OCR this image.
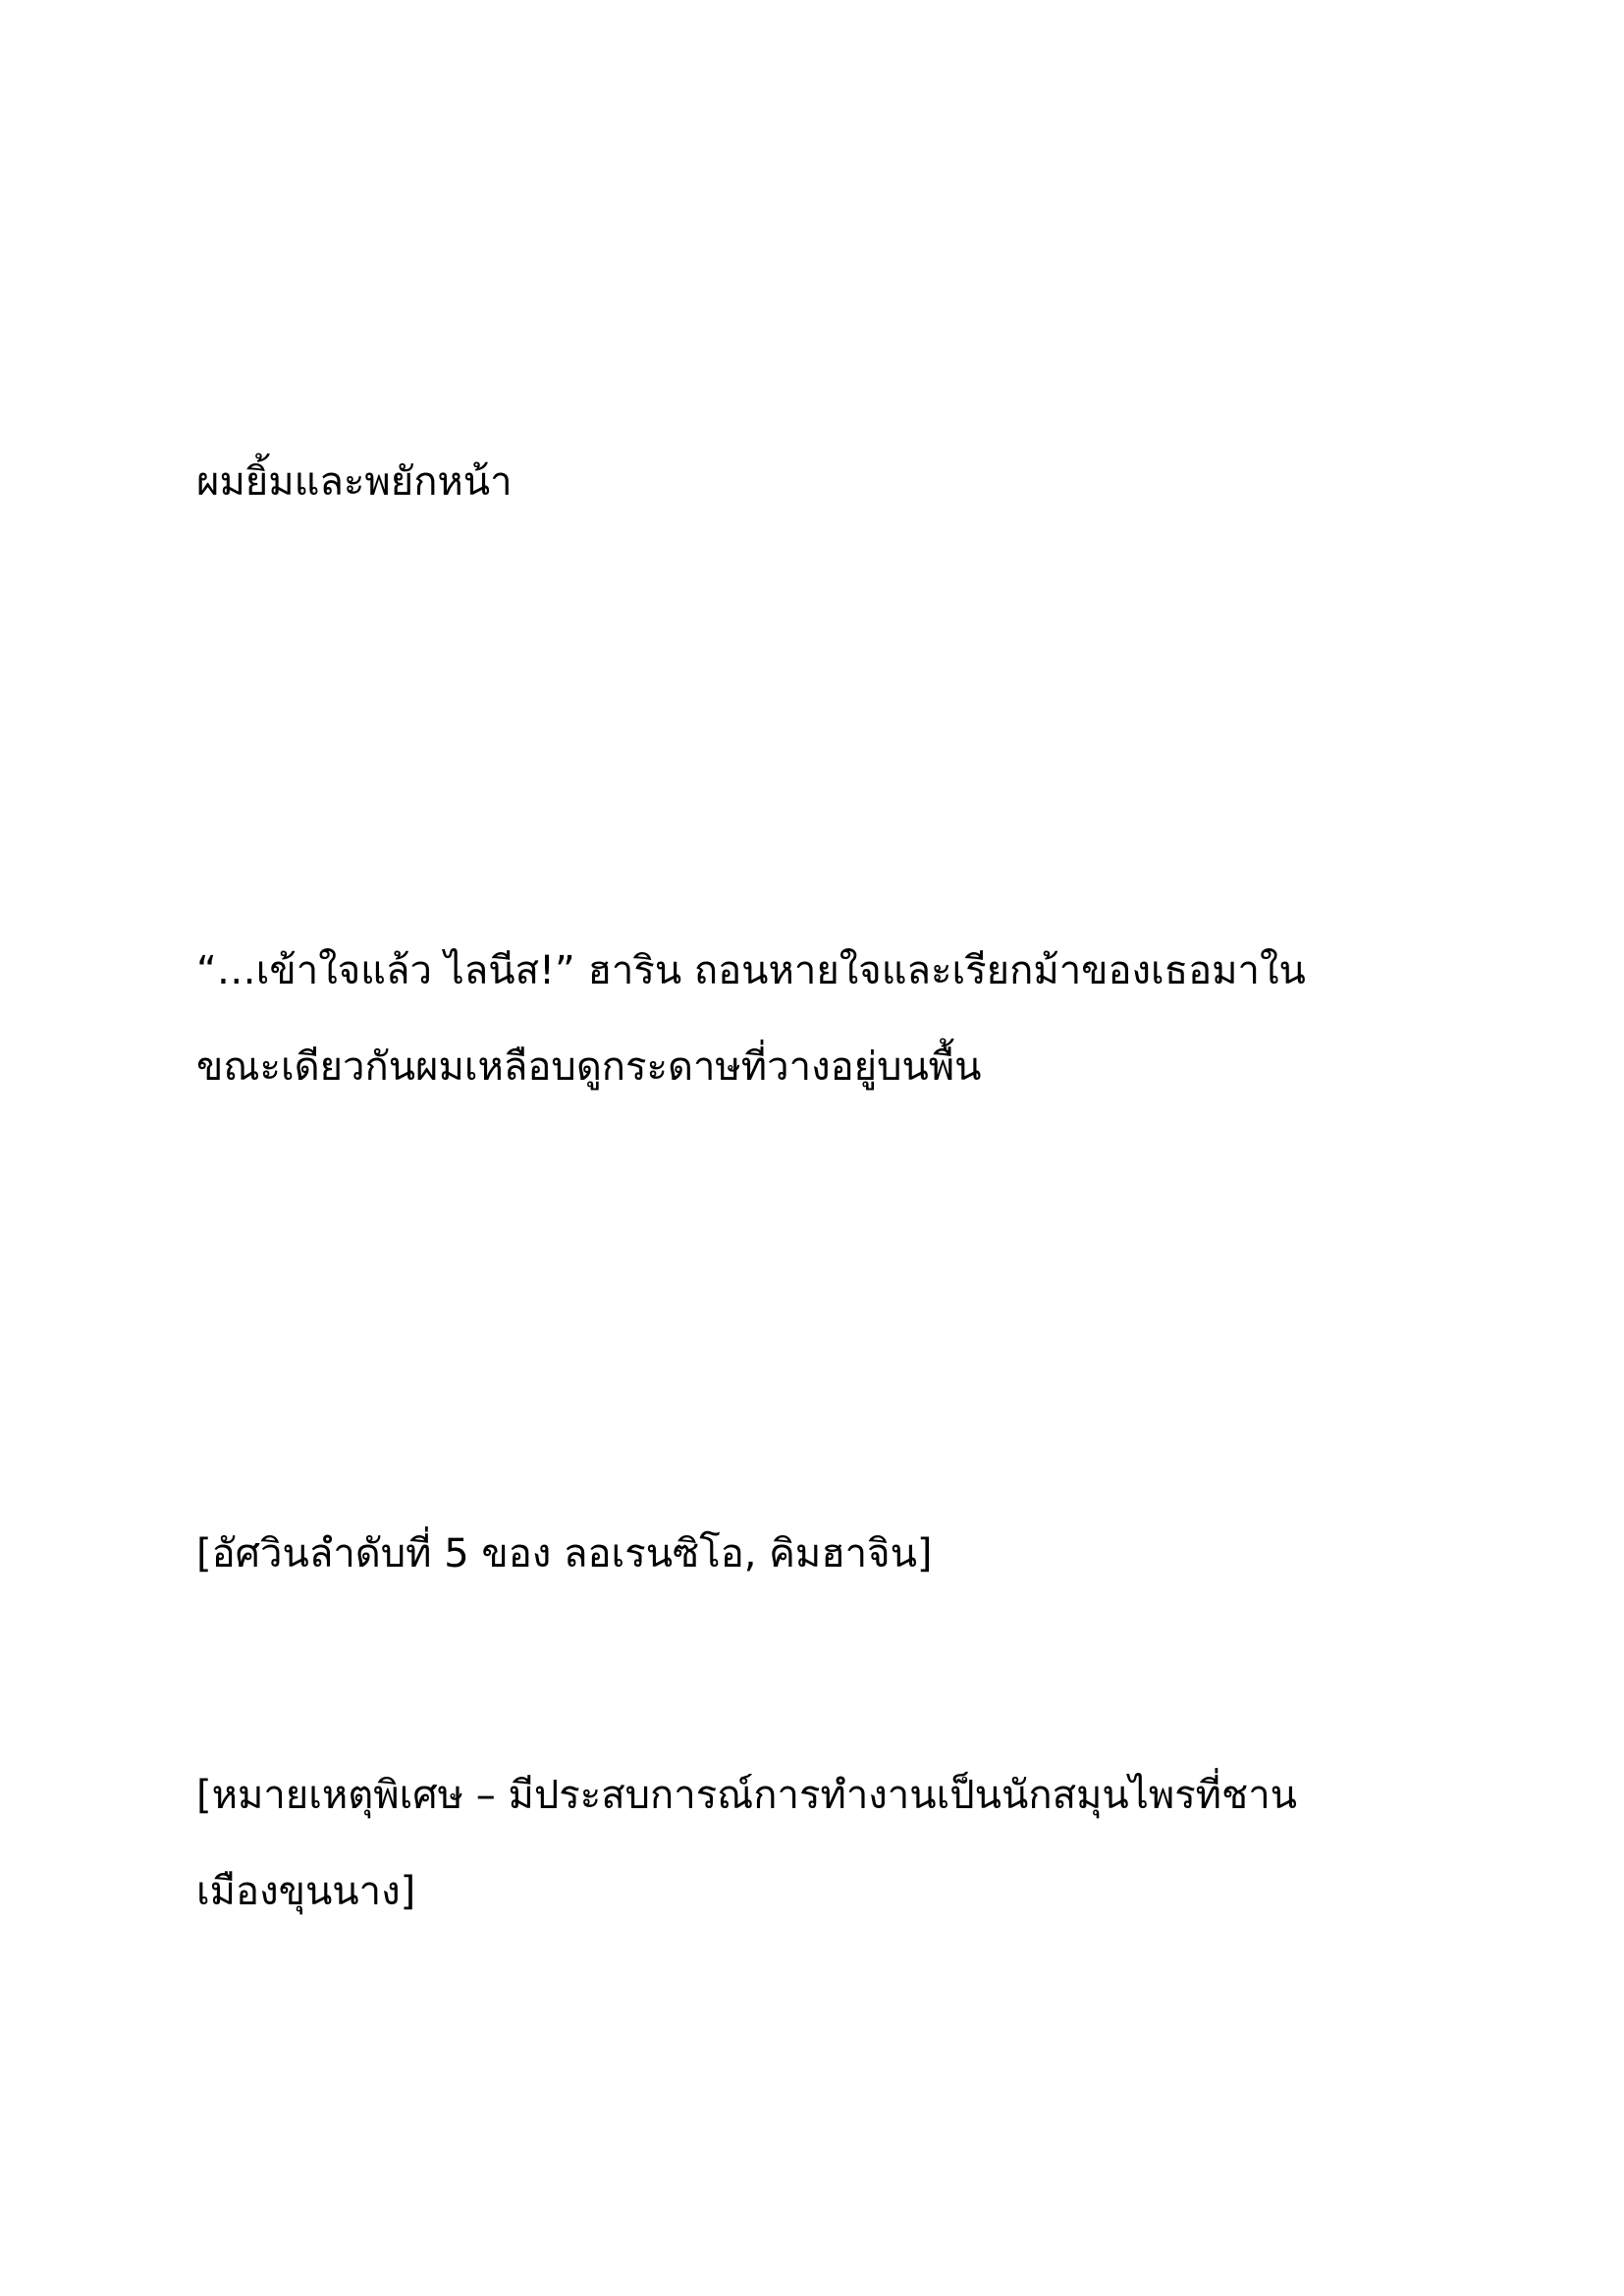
ผมยิ้มและพยักหน้า

“…เข้าใจแล้ว ไลนีส!” ฮาริน ถอนหายใจและเรียกม้าของเธอมาใน
ขณะเดียวกันผมเหลือบดูกระดาษที่วางอยู่บนพื้น

[อัศวินลำดับที่ 5 ของ ลอเรนซิโอ, คิมฮาจิน]

[หมายเหตุพิเศษ – มีประสบการณ์การทำงานเป็นนักสมุนไพรที่ชาน
เมืองขุนนาง]
